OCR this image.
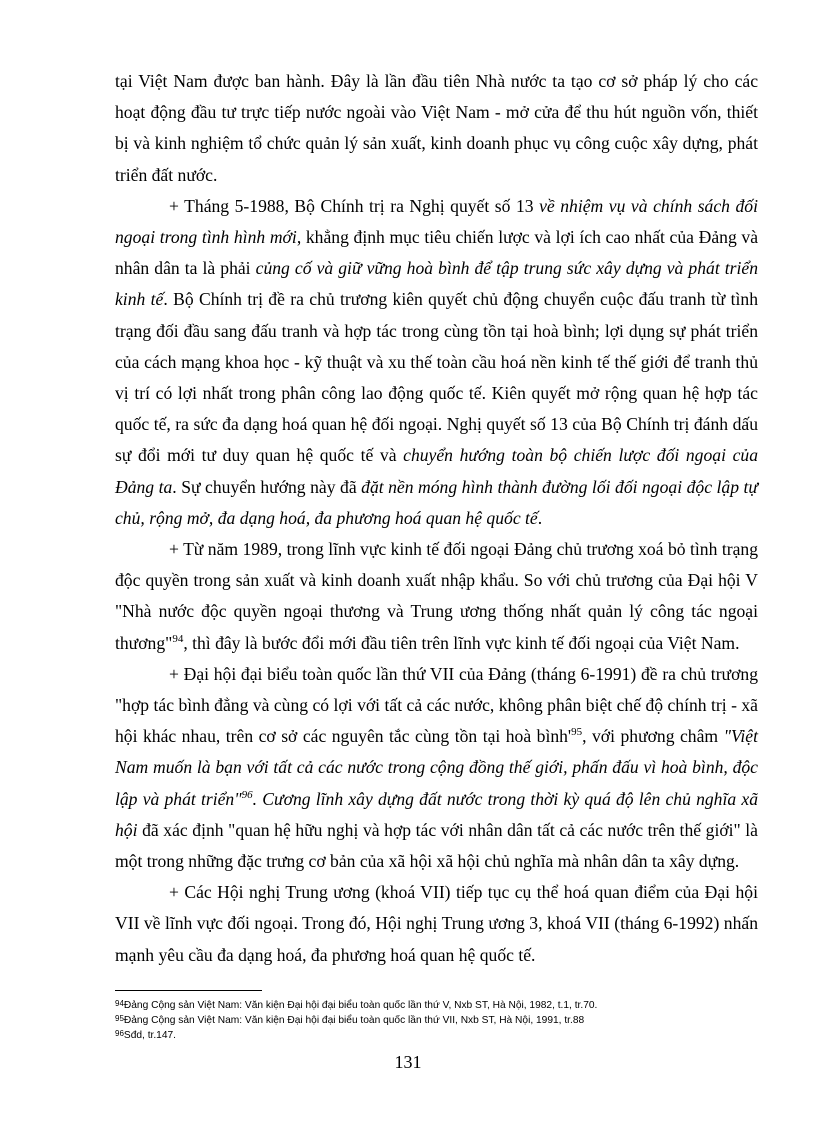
tại Việt Nam được ban hành. Đây là lần đầu tiên Nhà nước ta tạo cơ sở pháp lý cho các hoạt động đầu tư trực tiếp nước ngoài vào Việt Nam - mở cửa để thu hút nguồn vốn, thiết bị và kinh nghiệm tổ chức quản lý sản xuất, kinh doanh phục vụ công cuộc xây dựng, phát triển đất nước.

+ Tháng 5-1988, Bộ Chính trị ra Nghị quyết số 13 về nhiệm vụ và chính sách đối ngoại trong tình hình mới, khẳng định mục tiêu chiến lược và lợi ích cao nhất của Đảng và nhân dân ta là phải củng cố và giữ vững hoà bình để tập trung sức xây dựng và phát triển kinh tế. Bộ Chính trị đề ra chủ trương kiên quyết chủ động chuyển cuộc đấu tranh từ tình trạng đối đầu sang đấu tranh và hợp tác trong cùng tồn tại hoà bình; lợi dụng sự phát triển của cách mạng khoa học - kỹ thuật và xu thế toàn cầu hoá nền kinh tế thế giới để tranh thủ vị trí có lợi nhất trong phân công lao động quốc tế. Kiên quyết mở rộng quan hệ hợp tác quốc tế, ra sức đa dạng hoá quan hệ đối ngoại. Nghị quyết số 13 của Bộ Chính trị đánh dấu sự đổi mới tư duy quan hệ quốc tế và chuyển hướng toàn bộ chiến lược đối ngoại của Đảng ta. Sự chuyển hướng này đã đặt nền móng hình thành đường lối đối ngoại độc lập tự chủ, rộng mở, đa dạng hoá, đa phương hoá quan hệ quốc tế.

+ Từ năm 1989, trong lĩnh vực kinh tế đối ngoại Đảng chủ trương xoá bỏ tình trạng độc quyền trong sản xuất và kinh doanh xuất nhập khẩu. So với chủ trương của Đại hội V "Nhà nước độc quyền ngoại thương và Trung ương thống nhất quản lý công tác ngoại thương"$^{94}$, thì đây là bước đổi mới đầu tiên trên lĩnh vực kinh tế đối ngoại của Việt Nam.

+ Đại hội đại biểu toàn quốc lần thứ VII của Đảng (tháng 6-1991) đề ra chủ trương "hợp tác bình đẳng và cùng có lợi với tất cả các nước, không phân biệt chế độ chính trị - xã hội khác nhau, trên cơ sở các nguyên tắc cùng tồn tại hoà $bình'^{95}$, với phương châm "Việt Nam muốn là bạn với tất cả các nước trong cộng đồng thế giới, phấn đấu vì hoà bình, độc lập và phát triển"$^{96}$. Cương lĩnh xây dựng đất nước trong thời kỳ quá độ lên chủ nghĩa xã hội đã xác định "quan hệ hữu nghị và hợp tác với nhân dân tất cả các nước trên thế giới" là một trong những đặc trưng cơ bản của xã hội xã hội chủ nghĩa mà nhân dân ta xây dựng.

+ Các Hội nghị Trung ương (khoá VII) tiếp tục cụ thể hoá quan điểm của Đại hội VII về lĩnh vực đối ngoại. Trong đó, Hội nghị Trung ương 3, khoá VII (tháng 6-1992) nhấn mạnh yêu cầu đa dạng hoá, đa phương hoá quan hệ quốc tế.

$^{94}$Đảng Cộng sản Việt Nam: Văn kiện Đại hội đại biểu toàn quốc lần thứ V, Nxb ST, Hà Nội, 1982, t.1, tr.70.
$^{95}$Đảng Cộng sản Việt Nam: Văn kiện Đại hội đại biểu toàn quốc lần thứ VII, Nxb ST, Hà Nội, 1991, tr.88
$^{96}$Sđd, tr.147.
131
